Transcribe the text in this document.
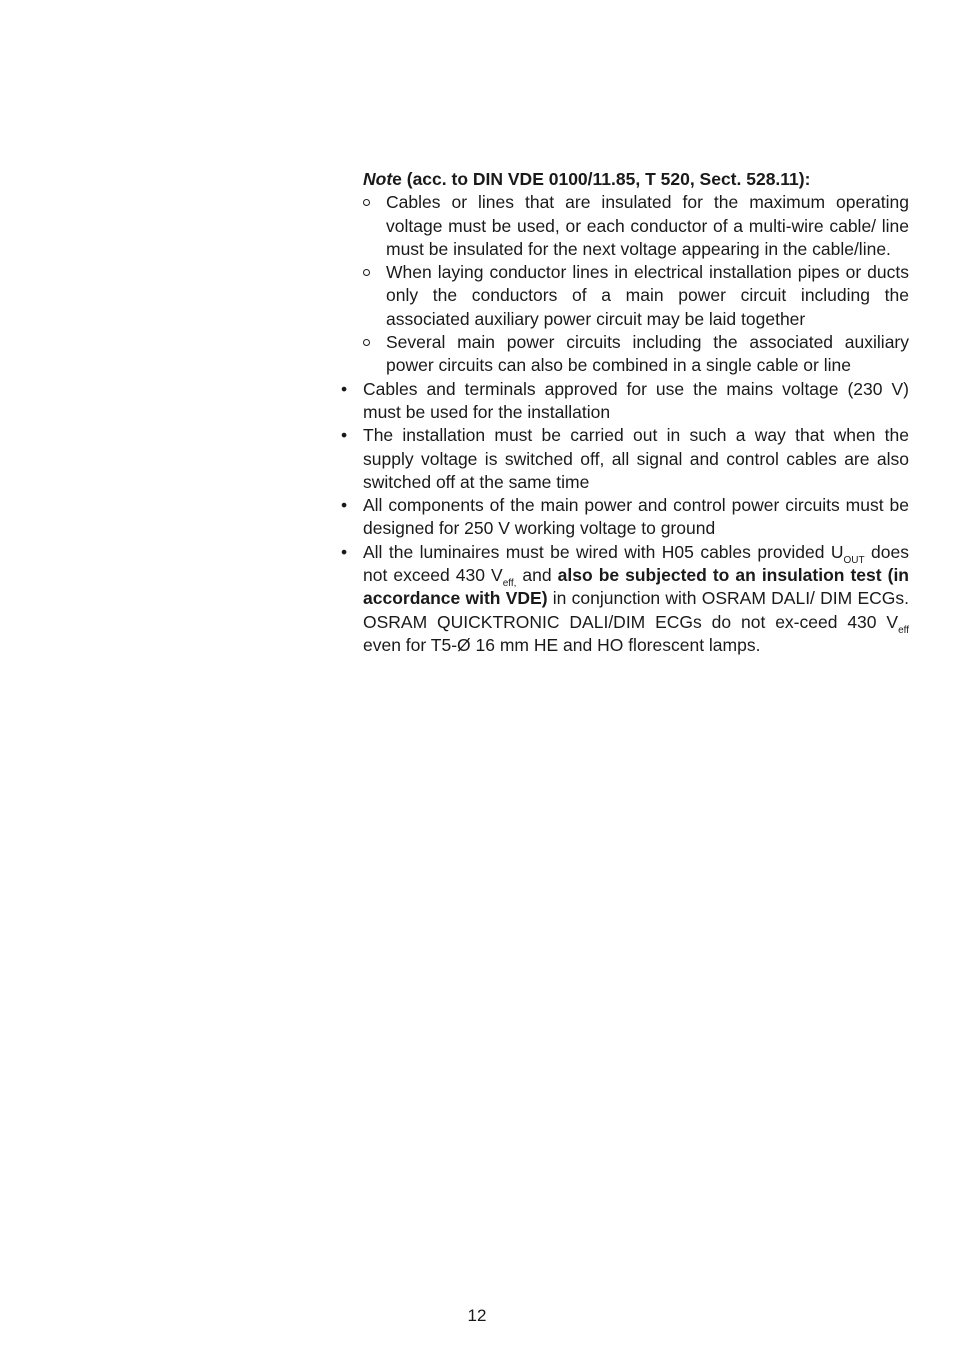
Note (acc. to DIN VDE 0100/11.85, T 520, Sect. 528.11):
Cables or lines that are insulated for the maximum operating voltage must be used, or each conductor of a multi-wire cable/ line must be insulated for the next voltage appearing in the cable/line.
When laying conductor lines in electrical installation pipes or ducts only the conductors of a main power circuit including the associated auxiliary power circuit may be laid together
Several main power circuits including the associated auxiliary power circuits can also be combined in a single cable or line
• Cables and terminals approved for use the mains voltage (230 V) must be used for the installation
• The installation must be carried out in such a way that when the supply voltage is switched off, all signal and control cables are also switched off at the same time
• All components of the main power and control power circuits must be designed for 250 V working voltage to ground
• All the luminaires must be wired with H05 cables provided $U_{OUT}$ does not exceed 430 $V_{eff,}$ and also be subjected to an insulation test (in accordance with VDE) in conjunction with OSRAM DALI/ DIM ECGs. OSRAM QUICKTRONIC DALI/DIM ECGs do not ex-ceed 430 $V_{eff}$ even for T5-Ø 16 mm HE and HO florescent lamps.
12
